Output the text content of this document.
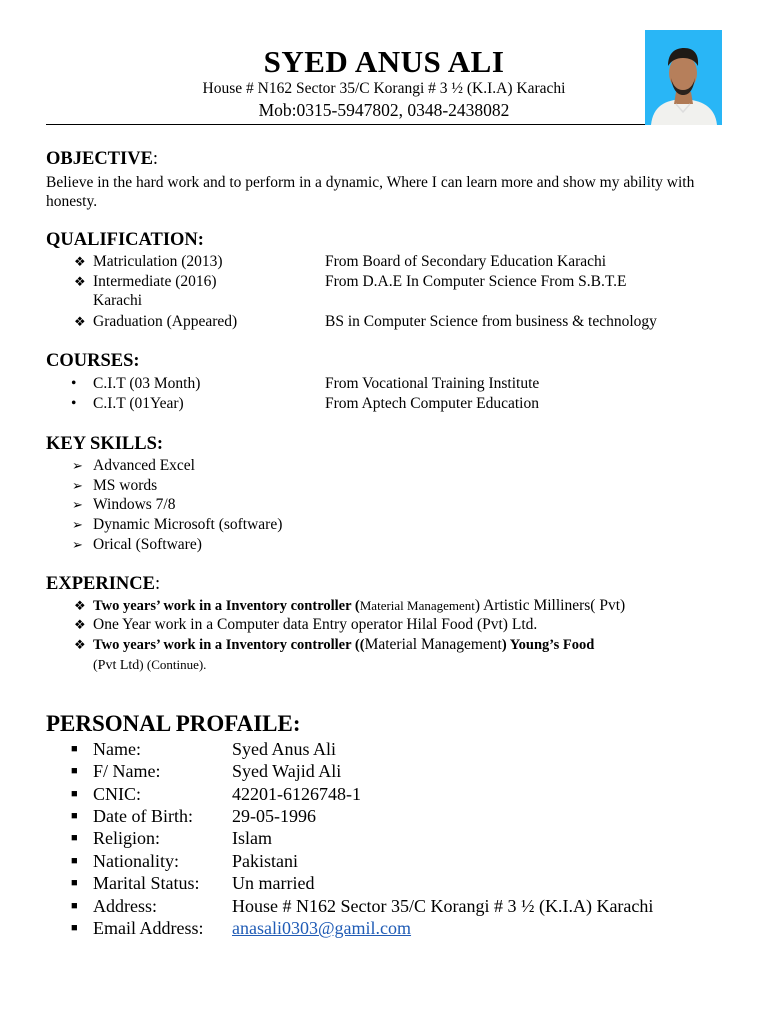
SYED ANUS ALI
House # N162 Sector 35/C Korangi # 3 ½ (K.I.A) Karachi
Mob:0315-5947802, 0348-2438082
OBJECTIVE:
Believe in the hard work and to perform in a dynamic, Where I can learn more and show my ability with honesty.
QUALIFICATION:
❖ Matriculation (2013)	From Board of Secondary Education Karachi
❖ Intermediate (2016)	From D.A.E In Computer Science From S.B.T.E
Karachi
❖ Graduation (Appeared)	BS in Computer Science from business & technology
COURSES:
• C.I.T (03 Month)	From Vocational Training Institute
• C.I.T (01Year)	From Aptech Computer Education
KEY SKILLS:
➢ Advanced Excel
➢ MS words
➢ Windows 7/8
➢ Dynamic Microsoft (software)
➢ Orical (Software)
EXPERINCE:
❖ Two years’ work in a Inventory controller (Material Management) Artistic Milliners( Pvt)
❖ One Year work in a Computer data Entry operator Hilal Food (Pvt) Ltd.
❖ Two years’ work in a Inventory controller ((Material Management) Young’s Food
(Pvt Ltd) (Continue).
PERSONAL PROFAILE:
■ Name:	Syed Anus Ali
■ F/ Name:	Syed Wajid Ali
■ CNIC:	42201-6126748-1
■ Date of Birth: 29-05-1996
■ Religion:	Islam
■ Nationality:	Pakistani
■ Marital Status: Un married
■ Address:	House # N162 Sector 35/C Korangi # 3 ½ (K.I.A) Karachi
■ Email Address: anasali0303@gamil.com
